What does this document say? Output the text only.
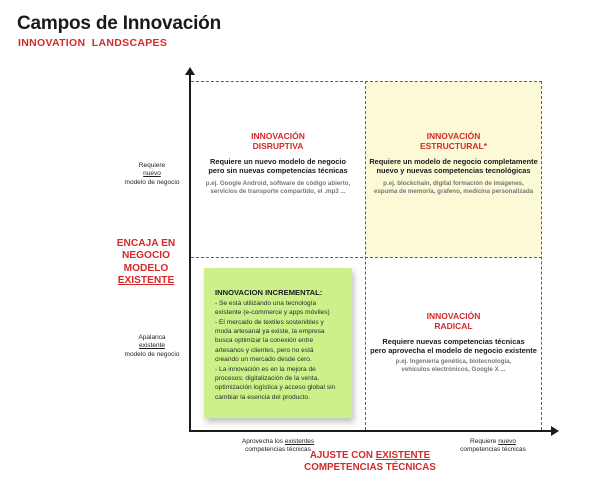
Campos de Innovación
INNOVATION  LANDSCAPES
INNOVACIÓN
DISRUPTIVA
Requiere un nuevo modelo de negocio
pero sin nuevas competencias técnicas
p.ej. Google Android, software de código abierto,
servicios de transporte compartido, el .mp3 ...
INNOVACIÓN
ESTRUCTURAL*
Requiere un modelo de negocio completamente
nuevo y nuevas competencias tecnológicas
p.ej. blockchain, digital formación de imágenes,
espuma de memoria, grafeno, medicina personalizada
INNOVACIÓN
RADICAL
Requiere nuevas competencias técnicas
pero aprovecha el modelo de negocio existente
p.ej. Ingeniería genética, biotecnología,
vehículos electrónicos, Google X ...
INNOVACION INCREMENTAL:
- Se está utilizando una tecnología
existente (e-commerce y apps móviles)
- El mercado de textiles sostenibles y
moda artesanal ya existe, la empresa
busca optimizar la conexión entre
artesanos y clientes, pero no está
creando un mercado desde cero.
- La innovación es en la mejora de
procesos: digitalización de la venta,
optimización logística y acceso global sin
cambiar la esencia del producto.
Requiere
nuevo
modelo de negocio
Apalanca
existente
modelo de negocio
ENCAJA EN
NEGOCIO
MODELO
EXISTENTE
Aprovecha los existentes
competencias técnicas
Requiere nuevo
competencias técnicas
AJUSTE CON EXISTENTE
COMPETENCIAS TÉCNICAS
